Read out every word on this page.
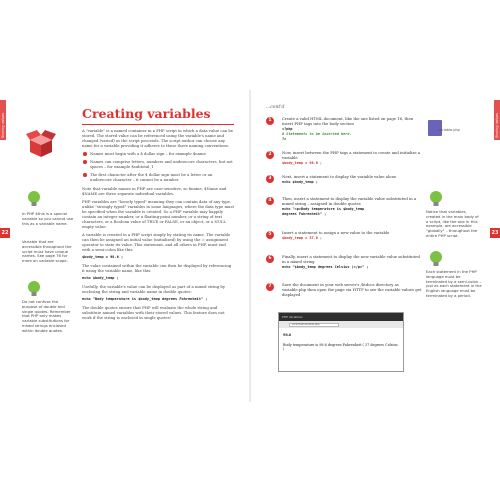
Storing values
22
Creating variables

A "variable" is a named container in a PHP script in which a data value can be stored. The stored value can be referenced using the variable's name and changed (varied) as the script proceeds. The script author can choose any name for a variable providing it adheres to these three naming conventions:

Names must begin with a $ dollar sign – for example $name
Names can comprise letters, numbers and underscore characters, but not spaces – for example $subtotal_1
The first character after the $ dollar sign must be a letter or an underscore character – it cannot be a number

Note that variable names in PHP are case-sensitive, so $name, $Name and $NAME are three separate individual variables.

PHP variables are "loosely typed" meaning they can contain data of any type, unlike "strongly typed" variables in some languages, where the data type must be specified when the variable is created. So a PHP variable may happily contain an integer number, or a floating-point number, or a string of text characters, or a Boolean value of TRUE or FALSE, or an object, or a NULL empty value.

A variable is created in a PHP script simply by stating its name. The variable can then be assigned an initial value (initialized) by using the = assignment operator to state its value. This statement, and all others in PHP, must end with a semi-colon like this:

$body_temp = 98.6 ;

The value contained within the variable can then be displayed by referencing it using the variable name, like this:

echo $body_temp ;

Usefully, the variable's value can be displayed as part of a mixed string by enclosing the string and variable name in double quotes:

echo "Body temperature is $body_temp degrees Fahrenheit" ;

The double quotes ensure that PHP will evaluate the whole string and substitute named variables with their stored values. This feature does not work if the string is enclosed in single quotes!

In PHP $this is a special variable so you cannot use this as a variable name.
Variable that are accessible throughout the script must have unique names. See page 76 for more on variable scope.
Do not confuse the purpose of double and single quotes. Remember that PHP only makes variable substitutions for mixed strings enclosed within double quotes.
Storing values
23
...cont'd
variable.php
1	Create a valid HTML document, like the one listed on page 16, then insert PHP tags into the body section
<?php
# Statements to be inserted here.
?>
2	Now, insert between the PHP tags a statement to create and initialize a variable
$body_temp = 98.6 ;
3	Next, insert a statement to display the variable value alone
echo $body_temp ;
4	Then, insert a statement to display the variable value substituted in a mixed string – assigned in double quotes
echo "<p>Body temperature is $body_temp
degrees Fahrenheit" ;
5	Insert a statement to assign a new value to the variable
$body_temp = 37.0 ;
6	Finally, insert a statement to display the new variable value substituted in a mixed string
echo "$body_temp degrees Celsius )</p>" ;
7	Save the document in your web server's /htdocs directory as variable.php then open the page via HTTP to see the variable values get displayed
PHP Variables
localhost/variable.php
98.6
Body temperature is 98.6 degrees Fahrenheit ( 37 degrees Celsius )
Notice that variables, created in the main body of a script, like the one in this example, are accessible "globally" – throughout the entire PHP script.
Each statement in the PHP language must be terminated by a semi-colon – just as each statement in the English language must be terminated by a period.
